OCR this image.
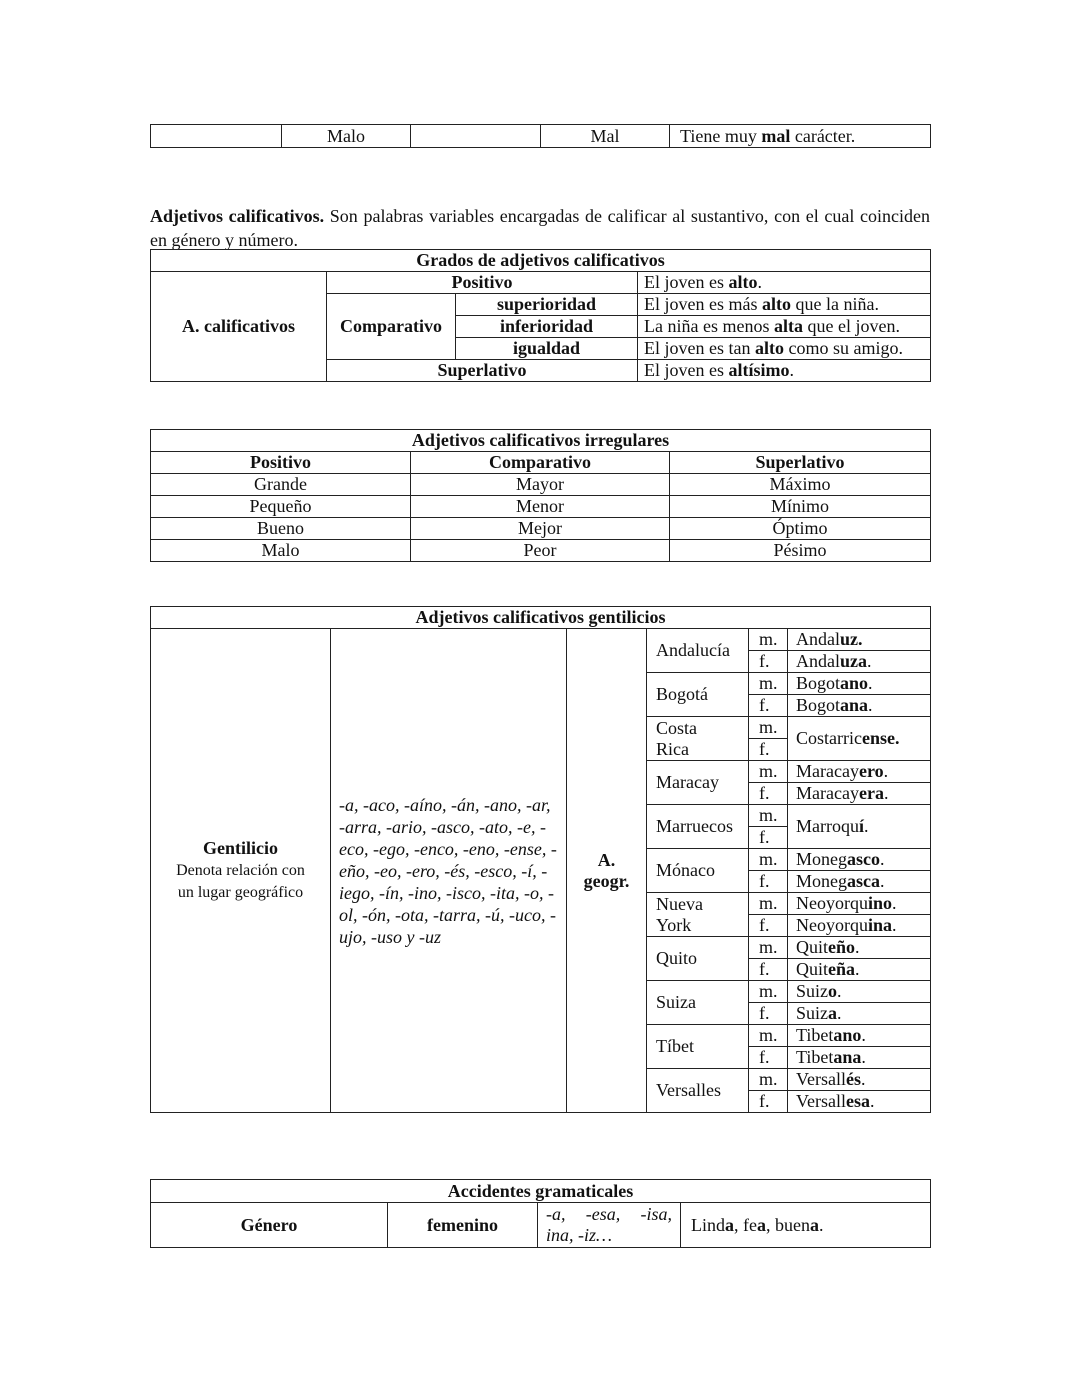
	Malo		Mal	Tiene muy mal carácter.

Adjetivos calificativos. Son palabras variables encargadas de calificar al sustantivo, con el cual coinciden en género y número.

Grados de adjetivos calificativos			
A. calificativos	Positivo		El joven es alto.
	Comparativo	superioridad	El joven es más alto que la niña.
		inferioridad	La niña es menos alta que el joven.
		igualdad	El joven es tan alto como su amigo.
	Superlativo		El joven es altísimo.
Adjetivos calificativos irregulares		
Positivo	Comparativo	Superlativo
Grande	Mayor	Máximo
Pequeño	Menor	Mínimo
Bueno	Mejor	Óptimo
Malo	Peor	Pésimo
Adjetivos calificativos gentilicios					
Gentilicio
Denota relación con
un lugar geográfico	-a, -aco, -aíno, -án, -ano, -ar, -arra, -ario, -asco, -ato, -e, -eco, -ego, -enco, -eno, -ense, -eño, -eo, -ero, -és, -esco, -í, -iego, -ín, -ino, -isco, -ita, -o, -ol, -ón, -ota, -tarra, -ú, -uco, -ujo, -uso y -uz	A.
geogr.	Andalucía	m.	Andaluz.
				f.	Andaluza.
			Bogotá	m.	Bogotano.
				f.	Bogotana.
			Costa
Rica	m.	Costarricense.
				f.	
			Maracay	m.	Maracayero.
				f.	Maracayera.
			Marruecos	m.	Marroquí.
				f.	
			Mónaco	m.	Monegasco.
				f.	Monegasca.
			Nueva
York	m.	Neoyorquino.
				f.	Neoyorquina.
			Quito	m.	Quiteño.
				f.	Quiteña.
			Suiza	m.	Suizo.
				f.	Suiza.
			Tíbet	m.	Tibetano.
				f.	Tibetana.
			Versalles	m.	Versallés.
				f.	Versallesa.
Accidentes gramaticales
Género	femenino	-a, -esa, -isa, ina, -iz…	Linda, fea, buena.
